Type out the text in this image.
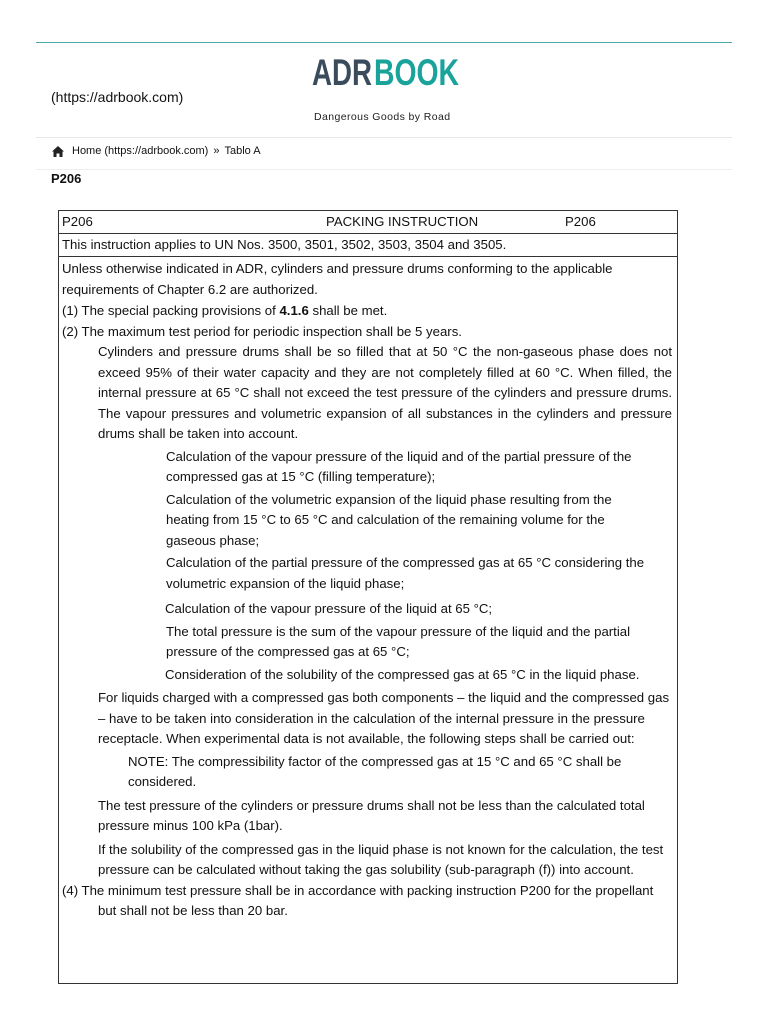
(https://adrbook.com)
ADR BOOK
Dangerous Goods by Road
Home (https://adrbook.com) » Tablo A
P206
P206	PACKING INSTRUCTION	P206
This instruction applies to UN Nos. 3500, 3501, 3502, 3503, 3504 and 3505.

Unless otherwise indicated in ADR, cylinders and pressure drums conforming to the applicable requirements of Chapter 6.2 are authorized.

(1) The special packing provisions of 4.1.6 shall be met.

(2) The maximum test period for periodic inspection shall be 5 years.

Cylinders and pressure drums shall be so filled that at 50 °C the non-gaseous phase does not exceed 95% of their water capacity and they are not completely filled at 60 °C. When filled, the internal pressure at 65 °C shall not exceed the test pressure of the cylinders and pressure drums. The vapour pressures and volumetric expansion of all substances in the cylinders and pressure drums shall be taken into account.

Calculation of the vapour pressure of the liquid and of the partial pressure of the compressed gas at 15 °C (filling temperature);

Calculation of the volumetric expansion of the liquid phase resulting from the heating from 15 °C to 65 °C and calculation of the remaining volume for the gaseous phase;

Calculation of the partial pressure of the compressed gas at 65 °C considering the volumetric expansion of the liquid phase;

Calculation of the vapour pressure of the liquid at 65 °C;

The total pressure is the sum of the vapour pressure of the liquid and the partial pressure of the compressed gas at 65 °C;

Consideration of the solubility of the compressed gas at 65 °C in the liquid phase.

For liquids charged with a compressed gas both components – the liquid and the compressed gas – have to be taken into consideration in the calculation of the internal pressure in the pressure receptacle. When experimental data is not available, the following steps shall be carried out:

NOTE: The compressibility factor of the compressed gas at 15 °C and 65 °C shall be considered.

The test pressure of the cylinders or pressure drums shall not be less than the calculated total pressure minus 100 kPa (1bar).

If the solubility of the compressed gas in the liquid phase is not known for the calculation, the test pressure can be calculated without taking the gas solubility (sub-paragraph (f)) into account.

(4) The minimum test pressure shall be in accordance with packing instruction P200 for the propellant but shall not be less than 20 bar.
